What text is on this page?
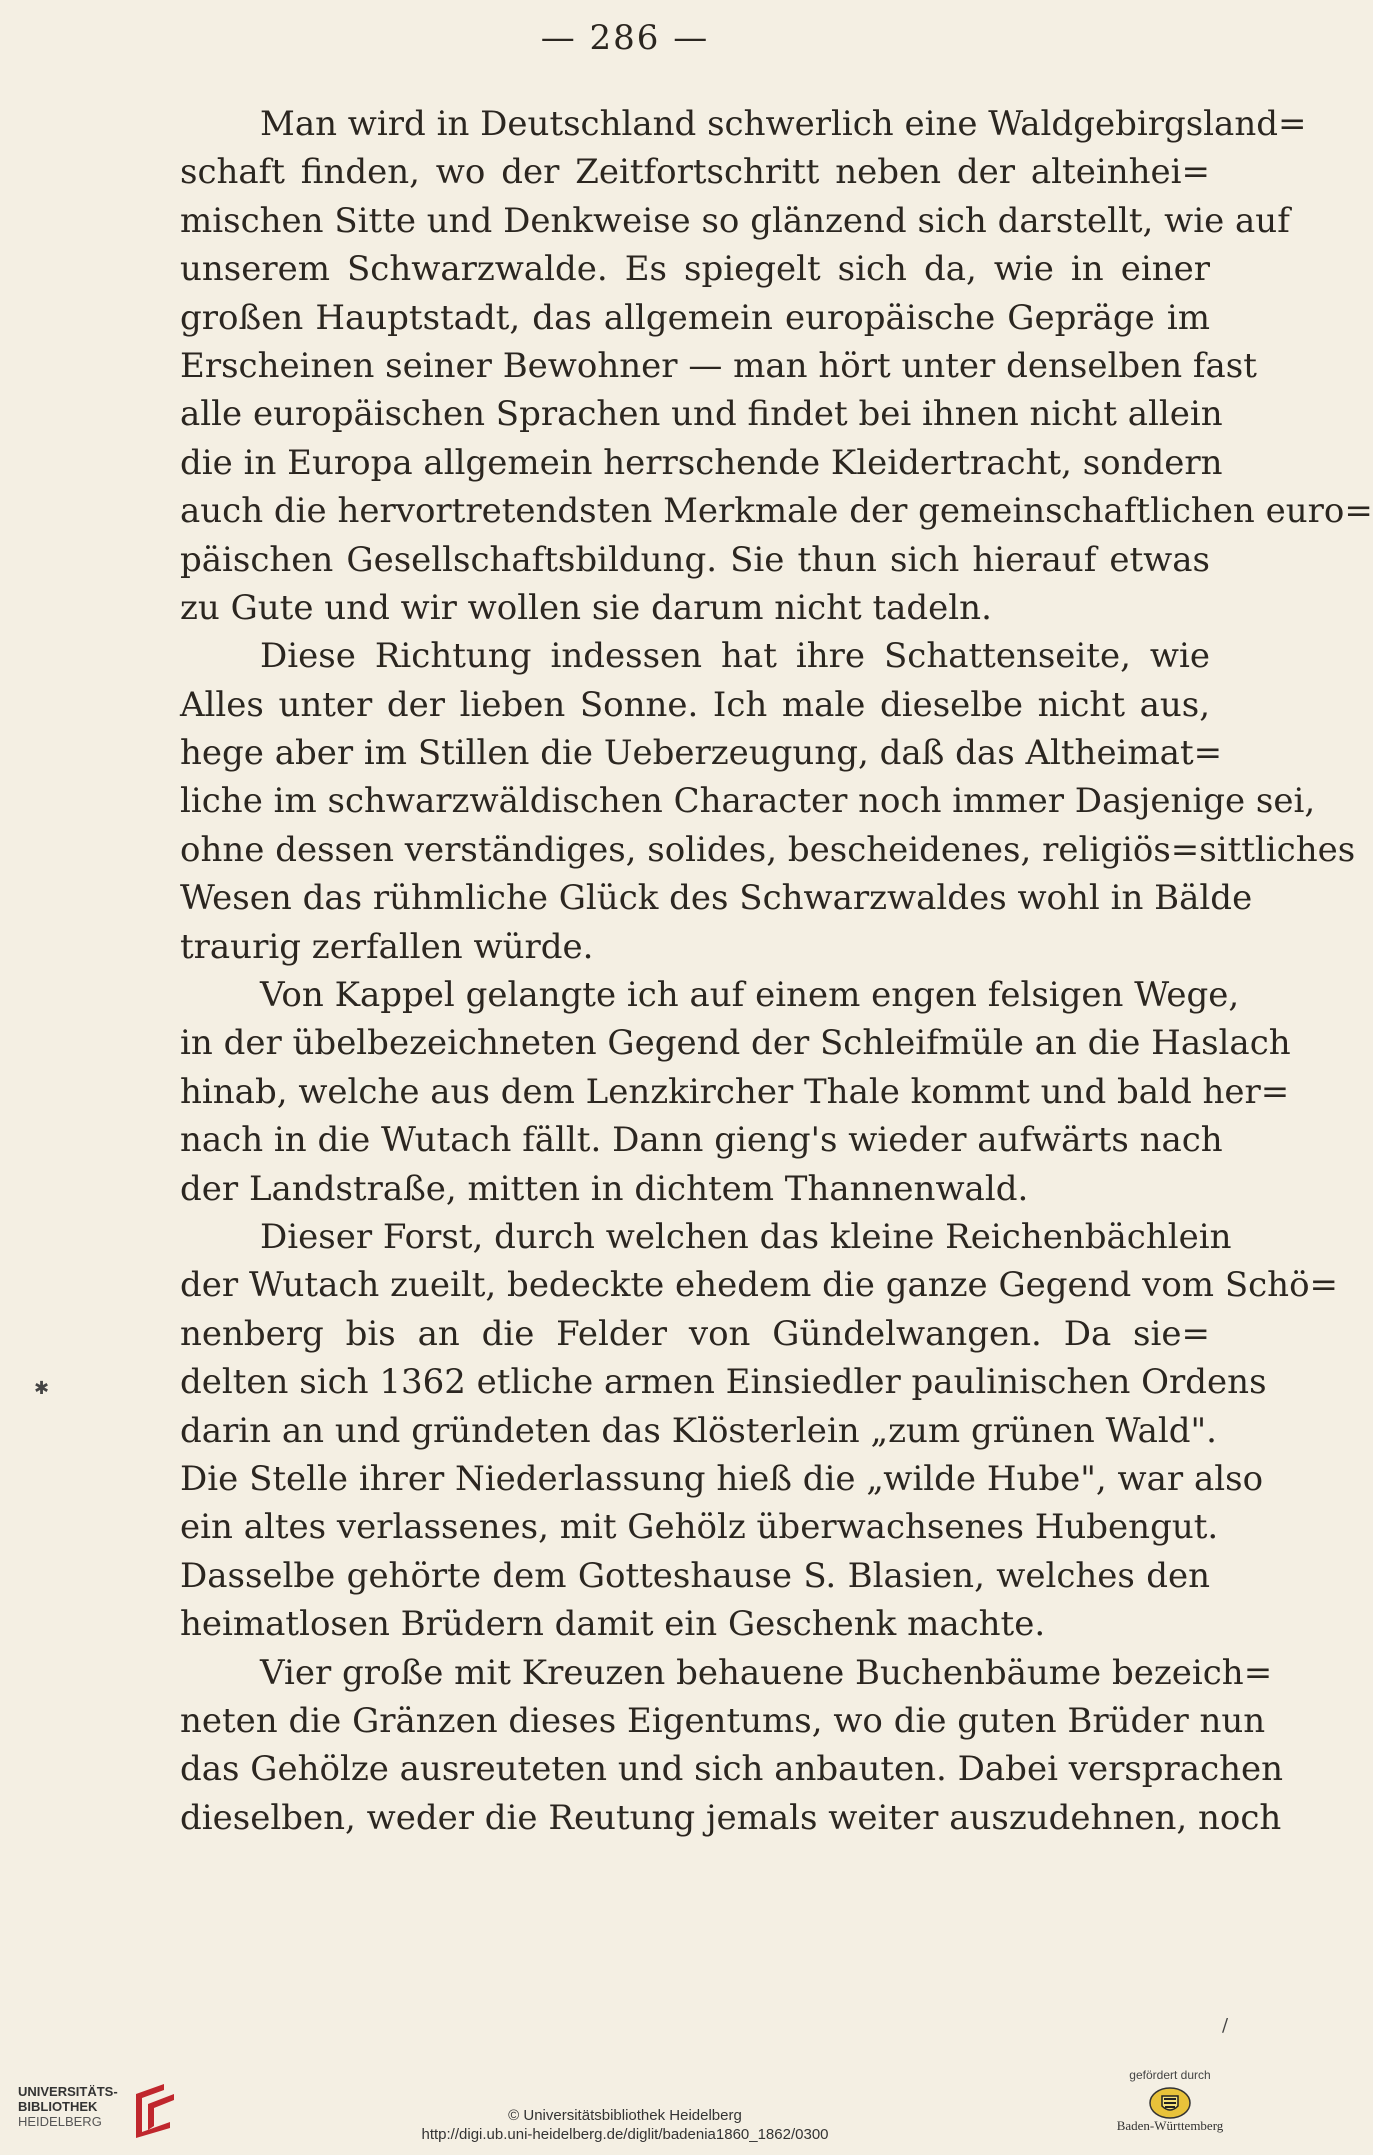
— 286 —
Man wird in Deutschland schwerlich eine Waldgebirgsland=
schaft finden, wo der Zeitfortschritt neben der alteinhei=
mischen Sitte und Denkweise so glänzend sich darstellt, wie auf
unserem Schwarzwalde. Es spiegelt sich da, wie in einer
großen Hauptstadt, das allgemein europäische Gepräge im
Erscheinen seiner Bewohner — man hört unter denselben fast
alle europäischen Sprachen und findet bei ihnen nicht allein
die in Europa allgemein herrschende Kleidertracht, sondern
auch die hervortretendsten Merkmale der gemeinschaftlichen euro=
päischen Gesellschaftsbildung. Sie thun sich hierauf etwas
zu Gute und wir wollen sie darum nicht tadeln.
Diese Richtung indessen hat ihre Schattenseite, wie
Alles unter der lieben Sonne. Ich male dieselbe nicht aus,
hege aber im Stillen die Ueberzeugung, daß das Altheimat=
liche im schwarzwäldischen Character noch immer Dasjenige sei,
ohne dessen verständiges, solides, bescheidenes, religiös=sittliches
Wesen das rühmliche Glück des Schwarzwaldes wohl in Bälde
traurig zerfallen würde.
Von Kappel gelangte ich auf einem engen felsigen Wege,
in der übelbezeichneten Gegend der Schleifmüle an die Haslach
hinab, welche aus dem Lenzkircher Thale kommt und bald her=
nach in die Wutach fällt. Dann gieng's wieder aufwärts nach
der Landstraße, mitten in dichtem Thannenwald.
Dieser Forst, durch welchen das kleine Reichenbächlein
der Wutach zueilt, bedeckte ehedem die ganze Gegend vom Schö=
nenberg bis an die Felder von Gündelwangen. Da sie=
delten sich 1362 etliche armen Einsiedler paulinischen Ordens
darin an und gründeten das Klösterlein „zum grünen Wald".
Die Stelle ihrer Niederlassung hieß die „wilde Hube", war also
ein altes verlassenes, mit Gehölz überwachsenes Hubengut.
Dasselbe gehörte dem Gotteshause S. Blasien, welches den
heimatlosen Brüdern damit ein Geschenk machte.
Vier große mit Kreuzen behauene Buchenbäume bezeich=
neten die Gränzen dieses Eigentums, wo die guten Brüder nun
das Gehölze ausreuteten und sich anbauten. Dabei versprachen
dieselben, weder die Reutung jemals weiter auszudehnen, noch
✱
/
UNIVERSITÄTS-
BIBLIOTHEK
HEIDELBERG	© Universitätsbibliothek Heidelberg
http://digi.ub.uni-heidelberg.de/diglit/badenia1860_1862/0300
gefördert durch
Baden-Württemberg
